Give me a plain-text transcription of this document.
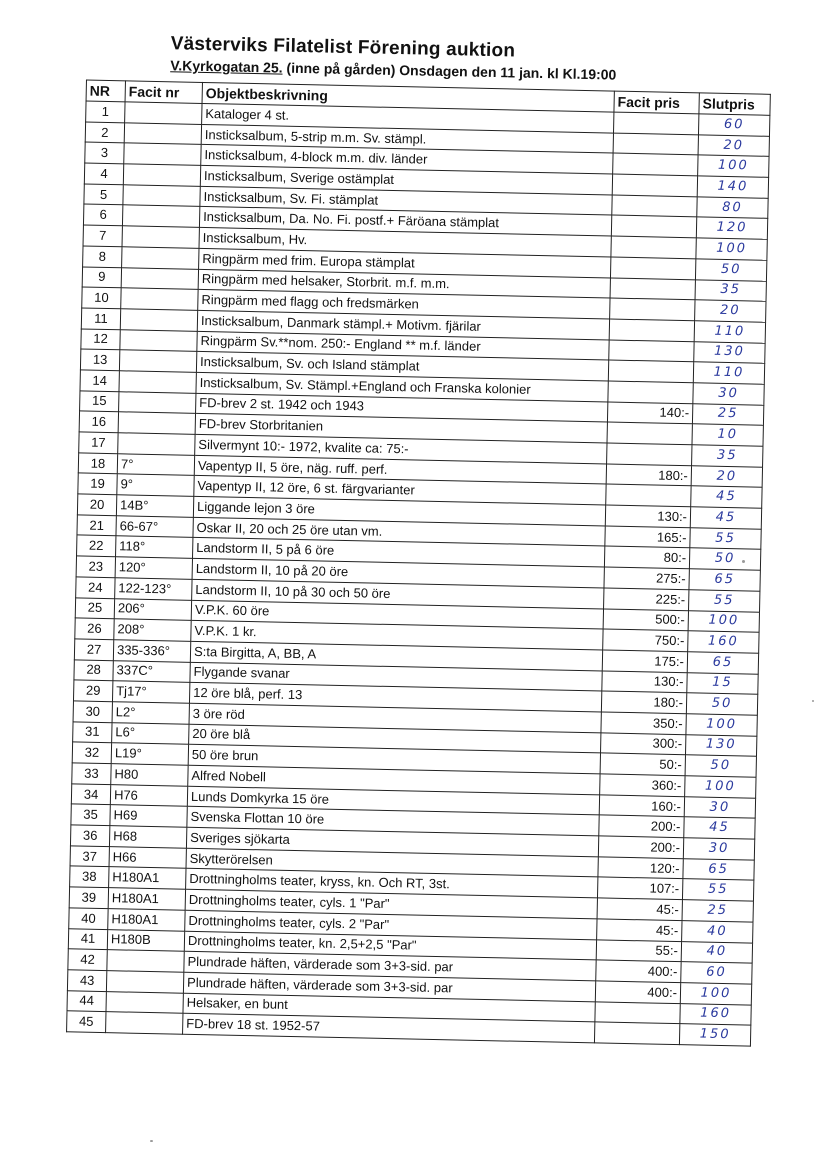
Västerviks Filatelist Förening auktion
V.Kyrkogatan 25. (inne på gården) Onsdagen den 11 jan. kl Kl.19:00
NR	Facit nr	Objektbeskrivning	Facit pris	Slutpris
1		Kataloger 4 st.		60
2		Insticksalbum, 5-strip m.m. Sv. stämpl.		20
3		Insticksalbum, 4-block m.m. div. länder		100
4		Insticksalbum, Sverige ostämplat		140
5		Insticksalbum, Sv. Fi. stämplat		80
6		Insticksalbum, Da. No. Fi. postf.+ Färöana stämplat		120
7		Insticksalbum, Hv.		100
8		Ringpärm med frim. Europa stämplat		50
9		Ringpärm med helsaker, Storbrit. m.f. m.m.		35
10		Ringpärm med flagg och fredsmärken		20
11		Insticksalbum, Danmark stämpl.+ Motivm. fjärilar		110
12		Ringpärm Sv.**nom. 250:- England ** m.f. länder		130
13		Insticksalbum, Sv. och Island stämplat		110
14		Insticksalbum, Sv. Stämpl.+England och Franska kolonier		30
15		FD-brev 2 st. 1942 och 1943	140:-	25
16		FD-brev Storbritanien		10
17		Silvermynt 10:- 1972, kvalite ca: 75:-		35
18	7°	Vapentyp II, 5 öre, näg. ruff. perf.	180:-	20
19	9°	Vapentyp II, 12 öre, 6 st. färgvarianter		45
20	14B°	Liggande lejon 3 öre	130:-	45
21	66-67°	Oskar II, 20 och 25 öre utan vm.	165:-	55
22	118°	Landstorm II, 5 på 6 öre	80:-	50
23	120°	Landstorm II, 10 på 20 öre	275:-	65
24	122-123°	Landstorm II, 10 på 30 och 50 öre	225:-	55
25	206°	V.P.K. 60 öre	500:-	100
26	208°	V.P.K. 1 kr.	750:-	160
27	335-336°	S:ta Birgitta, A, BB, A	175:-	65
28	337C°	Flygande svanar	130:-	15
29	Tj17°	12 öre blå, perf. 13	180:-	50
30	L2°	3 öre röd	350:-	100
31	L6°	20 öre blå	300:-	130
32	L19°	50 öre brun	50:-	50
33	H80	Alfred Nobell	360:-	100
34	H76	Lunds Domkyrka 15 öre	160:-	30
35	H69	Svenska Flottan 10 öre	200:-	45
36	H68	Sveriges sjökarta	200:-	30
37	H66	Skytterörelsen	120:-	65
38	H180A1	Drottningholms teater, kryss, kn. Och RT, 3st.	107:-	55
39	H180A1	Drottningholms teater, cyls. 1 "Par"	45:-	25
40	H180A1	Drottningholms teater, cyls. 2 "Par"	45:-	40
41	H180B	Drottningholms teater, kn. 2,5+2,5 "Par"	55:-	40
42		Plundrade häften, värderade som 3+3-sid. par	400:-	60
43		Plundrade häften, värderade som 3+3-sid. par	400:-	100
44		Helsaker, en bunt		160
45		FD-brev 18 st. 1952-57		150
